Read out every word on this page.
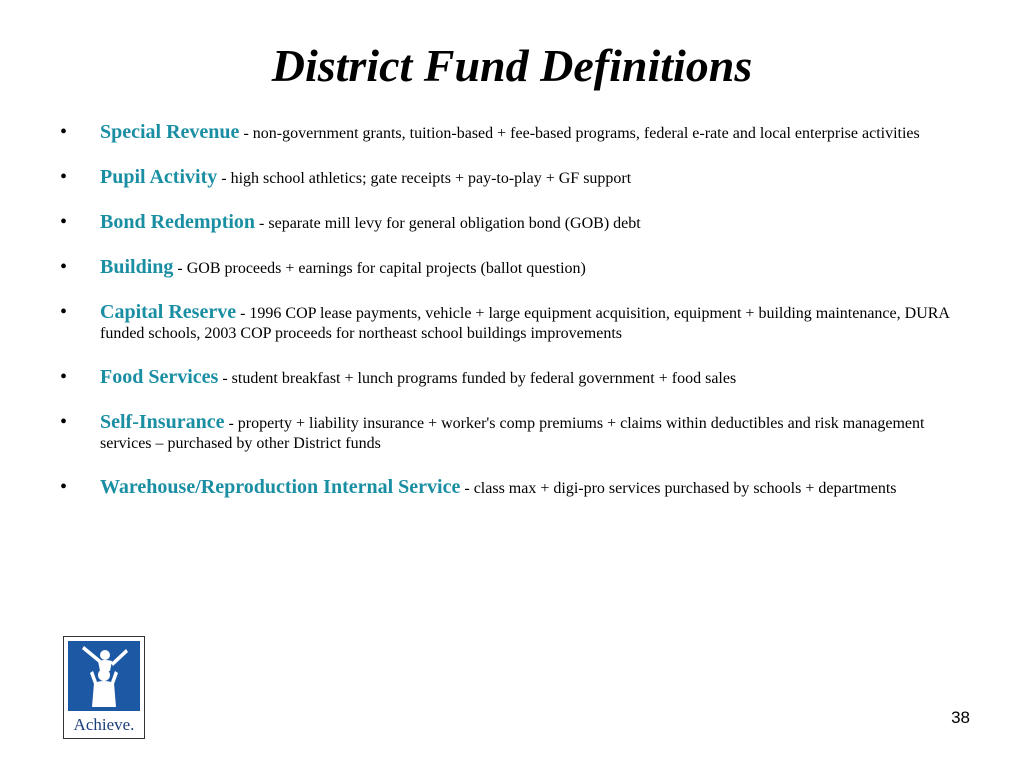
District Fund Definitions
• Special Revenue - non-government grants, tuition-based + fee-based programs, federal e-rate and local enterprise activities
• Pupil Activity - high school athletics; gate receipts + pay-to-play + GF support
• Bond Redemption - separate mill levy for general obligation bond (GOB) debt
• Building - GOB proceeds + earnings for capital projects (ballot question)
• Capital Reserve - 1996 COP lease payments, vehicle + large equipment acquisition, equipment + building maintenance, DURA funded schools, 2003 COP proceeds for northeast school buildings improvements
• Food Services - student breakfast + lunch programs funded by federal government + food sales
• Self-Insurance - property + liability insurance + worker's comp premiums + claims within deductibles and risk management services – purchased by other District funds
• Warehouse/Reproduction Internal Service - class max + digi-pro services purchased by schools + departments
Achieve.	38
